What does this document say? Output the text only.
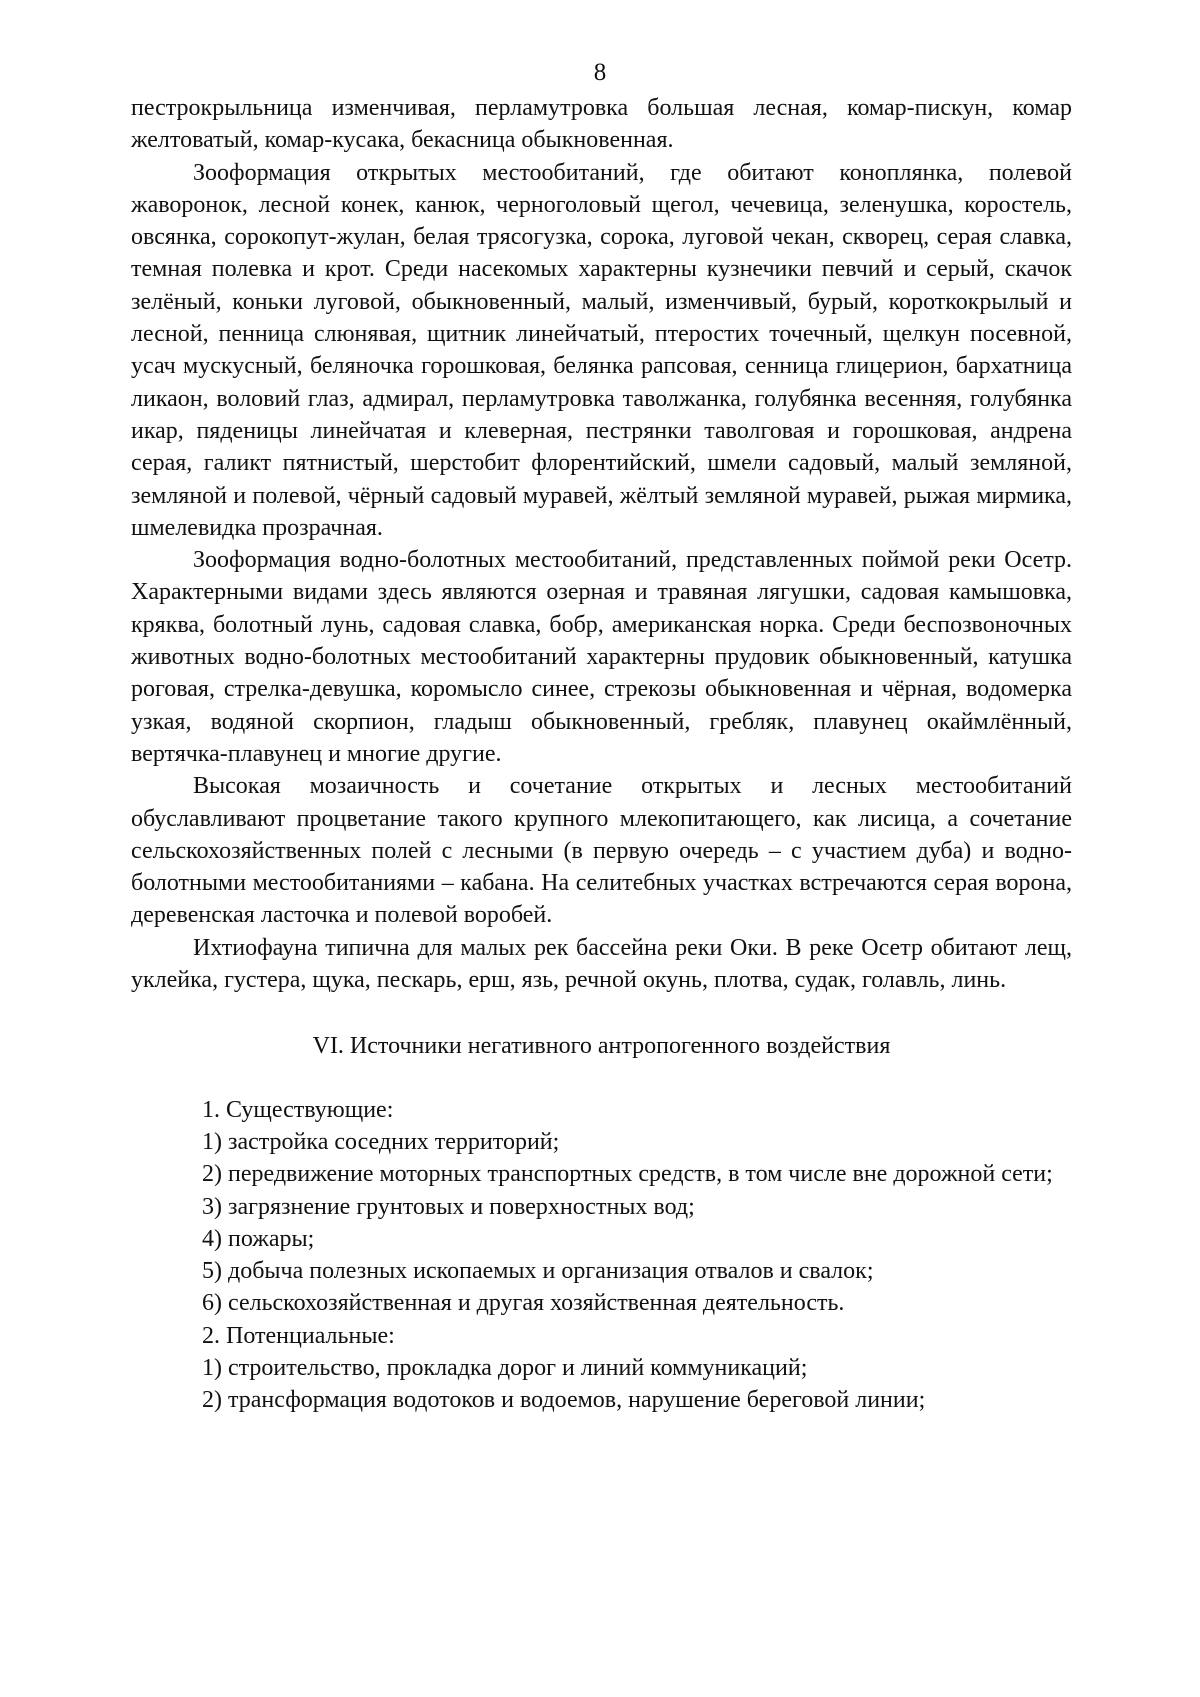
8

пестрокрыльница изменчивая, перламутровка большая лесная, комар-пискун, комар желтоватый, комар-кусака, бекасница обыкновенная.

Зооформация открытых местообитаний, где обитают коноплянка, полевой жаворонок, лесной конек, канюк, черноголовый щегол, чечевица, зеленушка, коростель, овсянка, сорокопут-жулан, белая трясогузка, сорока, луговой чекан, скворец, серая славка, темная полевка и крот. Среди насекомых характерны кузнечики певчий и серый, скачок зелёный, коньки луговой, обыкновенный, малый, изменчивый, бурый, короткокрылый и лесной, пенница слюнявая, щитник линейчатый, птеростих точечный, щелкун посевной, усач мускусный, беляночка горошковая, белянка рапсовая, сенница глицерион, бархатница ликаон, воловий глаз, адмирал, перламутровка таволжанка, голубянка весенняя, голубянка икар, пяденицы линейчатая и клеверная, пестрянки таволговая и горошковая, андрена серая, галикт пятнистый, шерстобит флорентийский, шмели садовый, малый земляной, земляной и полевой, чёрный садовый муравей, жёлтый земляной муравей, рыжая мирмика, шмелевидка прозрачная.

Зооформация водно-болотных местообитаний, представленных поймой реки Осетр. Характерными видами здесь являются озерная и травяная лягушки, садовая камышовка, кряква, болотный лунь, садовая славка, бобр, американская норка. Среди беспозвоночных животных водно-болотных местообитаний характерны прудовик обыкновенный, катушка роговая, стрелка-девушка, коромысло синее, стрекозы обыкновенная и чёрная, водомерка узкая, водяной скорпион, гладыш обыкновенный, гребляк, плавунец окаймлённый, вертячка-плавунец и многие другие.

Высокая мозаичность и сочетание открытых и лесных местообитаний обуславливают процветание такого крупного млекопитающего, как лисица, а сочетание сельскохозяйственных полей с лесными (в первую очередь – с участием дуба) и водно-болотными местообитаниями – кабана. На селитебных участках встречаются серая ворона, деревенская ласточка и полевой воробей.

Ихтиофауна типична для малых рек бассейна реки Оки. В реке Осетр обитают лещ, уклейка, густера, щука, пескарь, ерш, язь, речной окунь, плотва, судак, голавль, линь.

VI. Источники негативного антропогенного воздействия
1. Существующие:
1) застройка соседних территорий;
2) передвижение моторных транспортных средств, в том числе вне дорожной сети;
3) загрязнение грунтовых и поверхностных вод;
4) пожары;
5) добыча полезных ископаемых и организация отвалов и свалок;
6) сельскохозяйственная и другая хозяйственная деятельность.
2. Потенциальные:
1) строительство, прокладка дорог и линий коммуникаций;
2) трансформация водотоков и водоемов, нарушение береговой линии;
